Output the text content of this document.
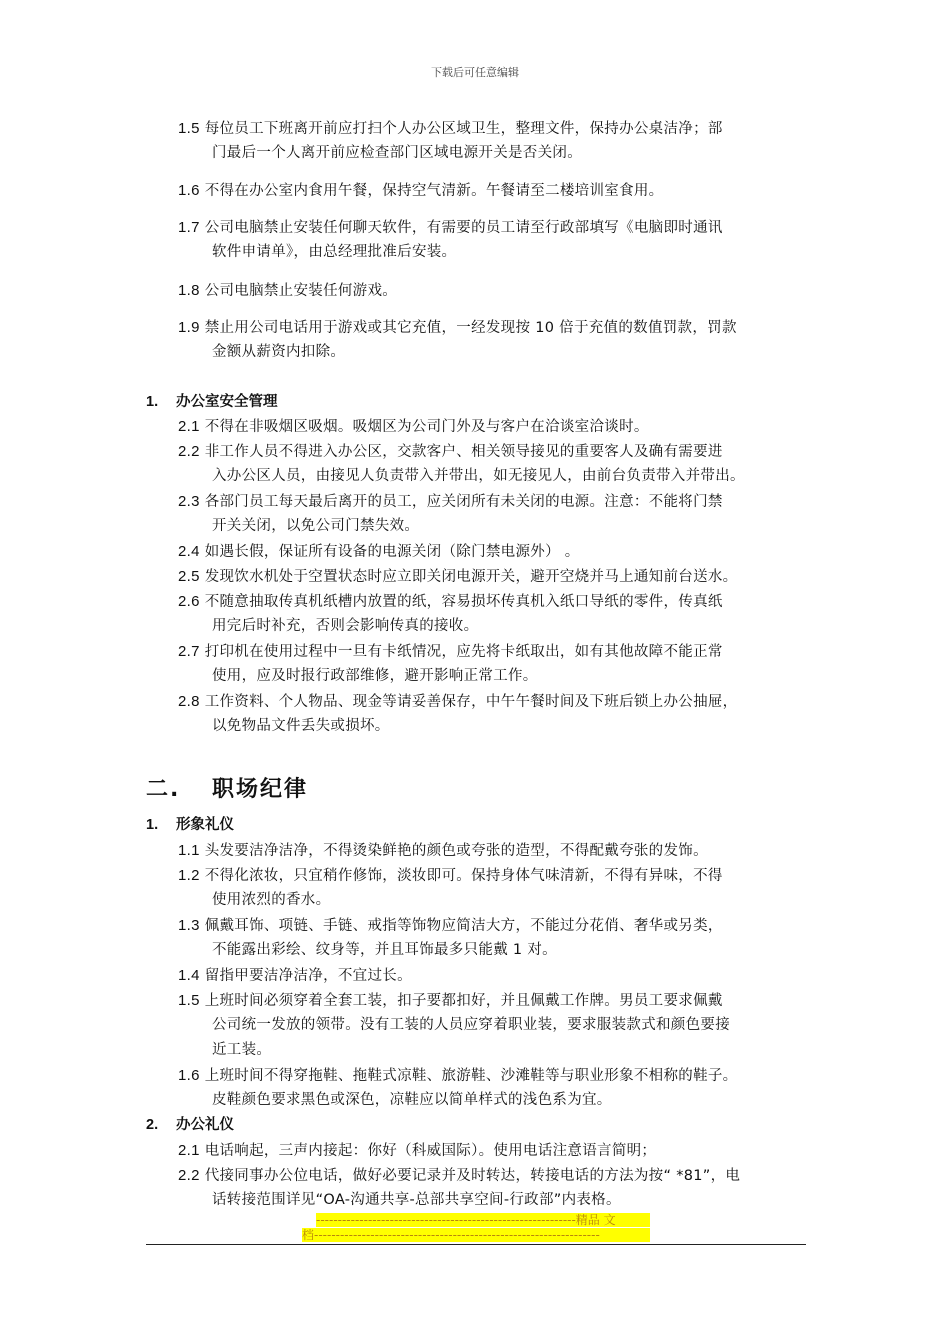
下载后可任意编辑
1.5 每位员工下班离开前应打扫个人办公区域卫生，整理文件，保持办公桌洁净；部
门最后一个人离开前应检查部门区域电源开关是否关闭。
1.6 不得在办公室内食用午餐，保持空气清新。午餐请至二楼培训室食用。
1.7 公司电脑禁止安装任何聊天软件，有需要的员工请至行政部填写《电脑即时通讯
软件申请单》，由总经理批准后安装。
1.8 公司电脑禁止安装任何游戏。
1.9 禁止用公司电话用于游戏或其它充值，一经发现按 10 倍于充值的数值罚款，罚款
金额从薪资内扣除。
1. 办公室安全管理
2.1 不得在非吸烟区吸烟。吸烟区为公司门外及与客户在洽谈室洽谈时。
2.2 非工作人员不得进入办公区，交款客户、相关领导接见的重要客人及确有需要进
入办公区人员，由接见人负责带入并带出，如无接见人，由前台负责带入并带出。
2.3 各部门员工每天最后离开的员工，应关闭所有未关闭的电源。注意：不能将门禁
开关关闭，以免公司门禁失效。
2.4 如遇长假，保证所有设备的电源关闭（除门禁电源外） 。
2.5 发现饮水机处于空置状态时应立即关闭电源开关，避开空烧并马上通知前台送水。
2.6 不随意抽取传真机纸槽内放置的纸，容易损坏传真机入纸口导纸的零件，传真纸
用完后时补充，否则会影响传真的接收。
2.7 打印机在使用过程中一旦有卡纸情况，应先将卡纸取出，如有其他故障不能正常
使用，应及时报行政部维修，避开影响正常工作。
2.8 工作资料、个人物品、现金等请妥善保存，中午午餐时间及下班后锁上办公抽屉，
以免物品文件丢失或损坏。
二. 职场纪律
1. 形象礼仪
1.1 头发要洁净洁净，不得烫染鲜艳的颜色或夸张的造型，不得配戴夸张的发饰。
1.2 不得化浓妆，只宜稍作修饰，淡妆即可。保持身体气味清新，不得有异味，不得
使用浓烈的香水。
1.3 佩戴耳饰、项链、手链、戒指等饰物应简洁大方，不能过分花俏、奢华或另类，
不能露出彩绘、纹身等，并且耳饰最多只能戴 1 对。
1.4 留指甲要洁净洁净，不宜过长。
1.5 上班时间必须穿着全套工装，扣子要都扣好，并且佩戴工作牌。男员工要求佩戴
公司统一发放的领带。没有工装的人员应穿着职业装，要求服装款式和颜色要接
近工装。
1.6 上班时间不得穿拖鞋、拖鞋式凉鞋、旅游鞋、沙滩鞋等与职业形象不相称的鞋子。
皮鞋颜色要求黑色或深色，凉鞋应以简单样式的浅色系为宜。
2. 办公礼仪
2.1 电话响起，三声内接起：你好（科威国际）。使用电话注意语言简明；
2.2 代接同事办公位电话，做好必要记录并及时转达，转接电话的方法为按“ *81”，电
话转接范围详见“OA-沟通共享-总部共享空间-行政部”内表格。
------------------------------------------------------------精品 文
档------------------------------------------------------------------
